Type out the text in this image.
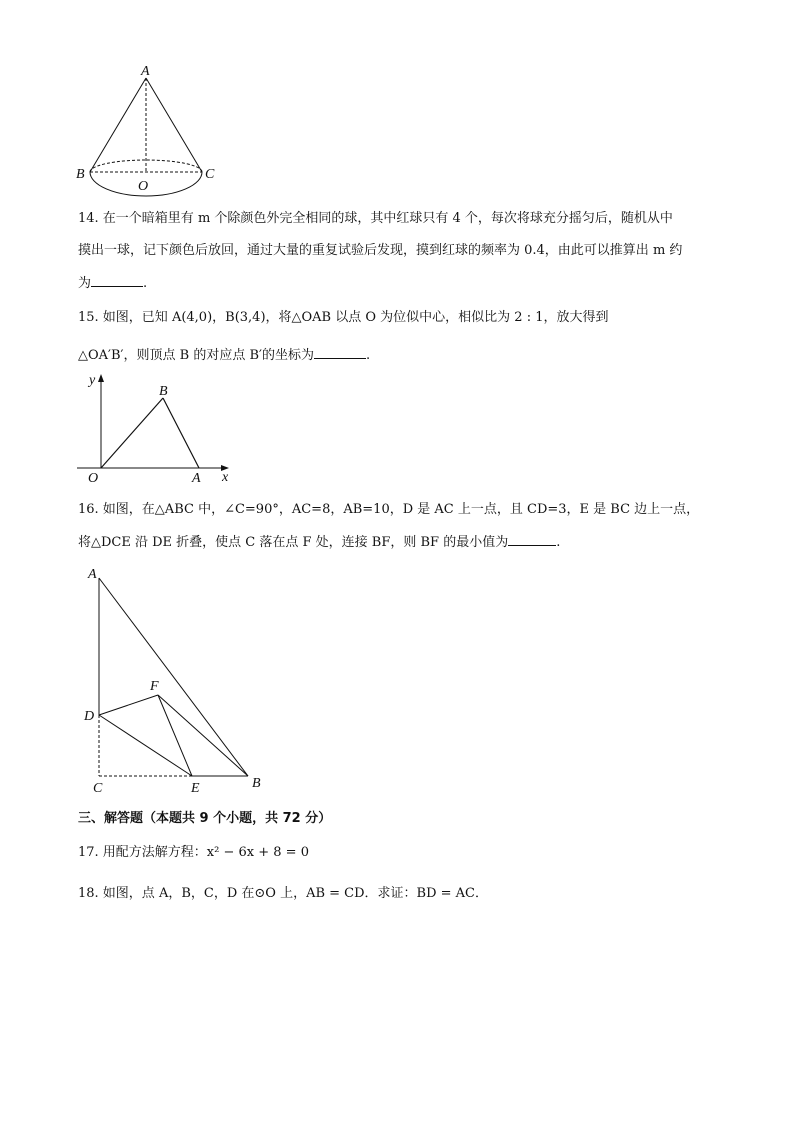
A
B	C
O
14. 在一个暗箱里有 m 个除颜色外完全相同的球，其中红球只有 4 个，每次将球充分摇匀后，随机从中
摸出一球，记下颜色后放回，通过大量的重复试验后发现，摸到红球的频率为 0.4，由此可以推算出 m 约
为	.
15. 如图，已知 A(4,0)，B(3,4)，将△OAB 以点 O 为位似中心，相似比为 2 : 1，放大得到
△OA′B′，则顶点 B 的对应点 B′的坐标为	.
y
x
O	A
B
16. 如图，在△ABC 中，∠C=90°，AC=8，AB=10，D 是 AC 上一点，且 CD=3，E 是 BC 边上一点，
将△DCE 沿 DE 折叠，使点 C 落在点 F 处，连接 BF，则 BF 的最小值为	.
A
D
F
C	E	B
三、解答题（本题共 9 个小题，共 72 分）
17. 用配方法解方程：x² − 6x + 8 = 0
18. 如图，点 A，B，C，D 在⊙O 上，AB = CD．求证：BD = AC．
